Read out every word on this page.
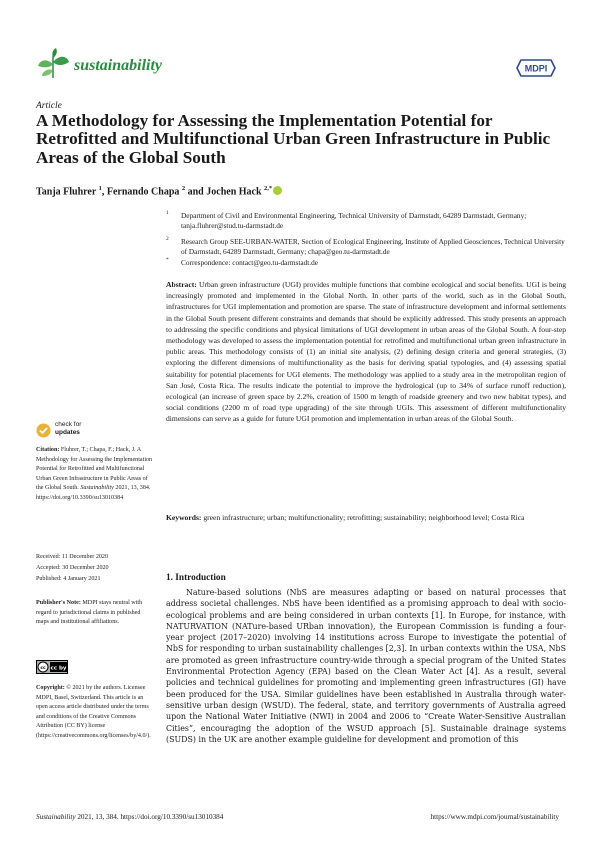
sustainability	MDPI
Article
A Methodology for Assessing the Implementation Potential for Retrofitted and Multifunctional Urban Green Infrastructure in Public Areas of the Global South
Tanja Fluhrer $^1$, Fernando Chapa $^2$ and Jochen Hack $^{2,*}$
1 Department of Civil and Environmental Engineering, Technical University of Darmstadt, 64289 Darmstadt, Germany; tanja.fluhrer@stud.tu-darmstadt.de
2 Research Group SEE-URBAN-WATER, Section of Ecological Engineering, Institute of Applied Geosciences, Technical University of Darmstadt, 64289 Darmstadt, Germany; chapa@geo.tu-darmstadt.de
* Correspondence: contact@geo.tu-darmstadt.de
Abstract: Urban green infrastructure (UGI) provides multiple functions that combine ecological and social benefits. UGI is being increasingly promoted and implemented in the Global North. In other parts of the world, such as in the Global South, infrastructures for UGI implementation and promotion are sparse. The state of infrastructure development and informal settlements in the Global South present different constraints and demands that should be explicitly addressed. This study presents an approach to addressing the specific conditions and physical limitations of UGI development in urban areas of the Global South. A four-step methodology was developed to assess the implementation potential for retrofitted and multifunctional urban green infrastructure in public areas. This methodology consists of (1) an initial site analysis, (2) defining design criteria and general strategies, (3) exploring the different dimensions of multifunctionality as the basis for deriving spatial typologies, and (4) assessing spatial suitability for potential placements for UGI elements. The methodology was applied to a study area in the metropolitan region of San José, Costa Rica. The results indicate the potential to improve the hydrological (up to 34% of surface runoff reduction), ecological (an increase of green space by 2.2%, creation of 1500 m length of roadside greenery and two new habitat types), and social conditions (2200 m of road type upgrading) of the site through UGIs. This assessment of different multifunctionality dimensions can serve as a guide for future UGI promotion and implementation in urban areas of the Global South.
Keywords: green infrastructure; urban; multifunctionality; retrofitting; sustainability; neighborhood level; Costa Rica
check for
updates
Citation: Fluhrer, T.; Chapa, F.; Hack, J. A Methodology for Assessing the Implementation Potential for Retrofitted and Multifunctional Urban Green Infrastructure in Public Areas of the Global South. Sustainability 2021, 13, 384. https://doi.org/10.3390/su13010384
Received: 11 December 2020
Accepted: 30 December 2020
Published: 4 January 2021
Publisher's Note: MDPI stays neutral with regard to jurisdictional claims in published maps and institutional affiliations.
cc cc by
Copyright: © 2021 by the authors. Licensee MDPI, Basel, Switzerland. This article is an open access article distributed under the terms and conditions of the Creative Commons Attribution (CC BY) license (https://creativecommons.org/licenses/by/4.0/).
1. Introduction
Nature-based solutions (NbS are measures adapting or based on natural processes that address societal challenges. NbS have been identified as a promising approach to deal with socio-ecological problems and are being considered in urban contexts [1]. In Europe, for instance, with NATURVATION (NATure-based URban innovation), the European Commission is funding a four-year project (2017–2020) involving 14 institutions across Europe to investigate the potential of NbS for responding to urban sustainability challenges [2,3]. In urban contexts within the USA, NbS are promoted as green infrastructure country-wide through a special program of the United States Environmental Protection Agency (EPA) based on the Clean Water Act [4]. As a result, several policies and technical guidelines for promoting and implementing green infrastructures (GI) have been produced for the USA. Similar guidelines have been established in Australia through water-sensitive urban design (WSUD). The federal, state, and territory governments of Australia agreed upon the National Water Initiative (NWI) in 2004 and 2006 to “Create Water-Sensitive Australian Cities”, encouraging the adoption of the WSUD approach [5]. Sustainable drainage systems (SUDS) in the UK are another example guideline for development and promotion of this
Sustainability 2021, 13, 384. https://doi.org/10.3390/su13010384	https://www.mdpi.com/journal/sustainability
